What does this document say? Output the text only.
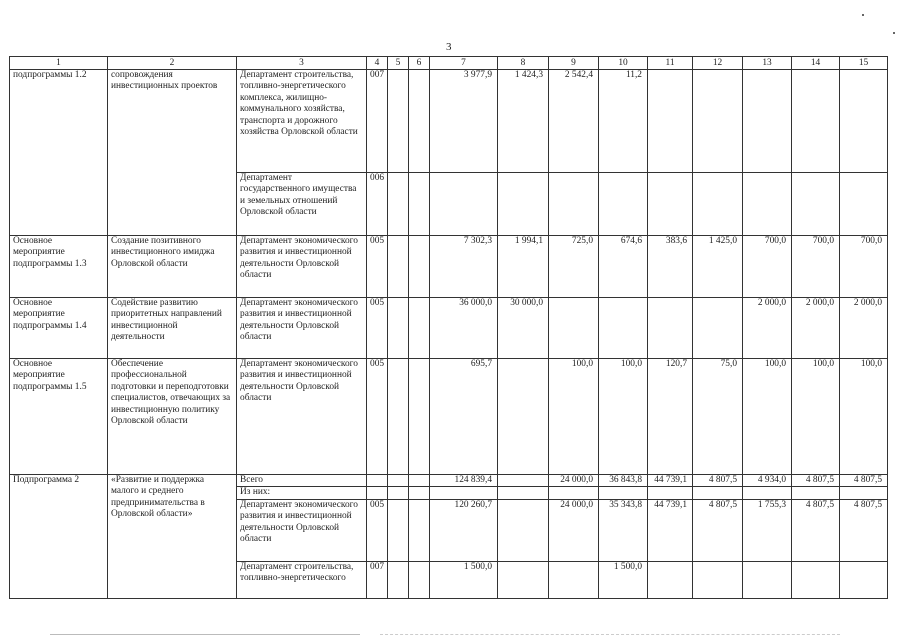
3
1	2	3	4	5	6	7	8	9	10	11	12	13	14	15
подпрограммы 1.2	сопровождения инвестиционных проектов	Департамент строительства, топливно-энергетического комплекса, жилищно-коммунального хозяйства, транспорта и дорожного хозяйства Орловской области	007			3 977,9	1 424,3	2 542,4	11,2					
		Департамент государственного имущества и земельных отношений Орловской области	006											
Основное мероприятие подпрограммы 1.3	Создание позитивного инвестиционного имиджа Орловской области	Департамент экономического развития и инвестиционной деятельности Орловской области	005			7 302,3	1 994,1	725,0	674,6	383,6	1 425,0	700,0	700,0	700,0
Основное мероприятие подпрограммы 1.4	Содействие развитию приоритетных направлений инвестиционной деятельности	Департамент экономического развития и инвестиционной деятельности Орловской области	005			36 000,0	30 000,0					2 000,0	2 000,0	2 000,0
Основное мероприятие подпрограммы 1.5	Обеспечение профессиональной подготовки и переподготовки специалистов, отвечающих за инвестиционную политику Орловской области	Департамент экономического развития и инвестиционной деятельности Орловской области	005			695,7		100,0	100,0	120,7	75,0	100,0	100,0	100,0
Подпрограмма 2	«Развитие и поддержка малого и среднего предпринимательства в Орловской области»	Всего				124 839,4		24 000,0	36 843,8	44 739,1	4 807,5	4 934,0	4 807,5	4 807,5
		Из них:												
		Департамент экономического развития и инвестиционной деятельности Орловской области	005			120 260,7		24 000,0	35 343,8	44 739,1	4 807,5	1 755,3	4 807,5	4 807,5
		Департамент строительства, топливно-энергетического	007			1 500,0			1 500,0					
